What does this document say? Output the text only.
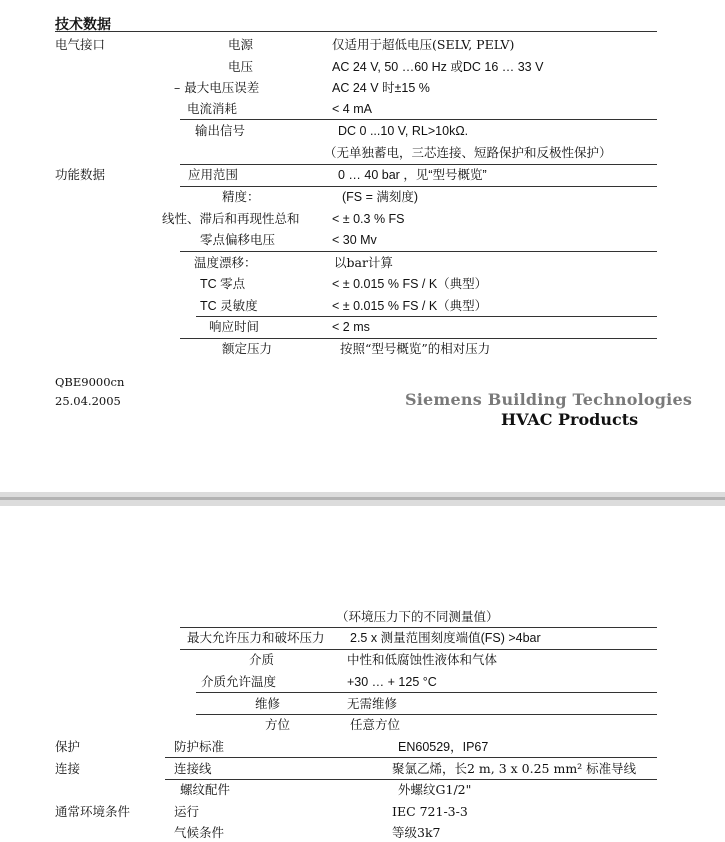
技术数据
电气接口	电源	仅适用于超低电压(SELV, PELV)
电压	AC 24 V, 50 …60 Hz 或DC 16 … 33 V
– 最大电压误差	AC 24 V 时±15 %
电流消耗	< 4 mA
输出信号	DC 0 ...10 V, RL>10kΩ.
（无单独蓄电，三芯连接、短路保护和反极性保护）
功能数据	应用范围	0 … 40 bar ，见“型号概览”
精度：	(FS = 满刻度)
线性、滞后和再现性总和	< ± 0.3 % FS
零点偏移电压	< 30 Mv
温度漂移：	以bar计算
TC 零点	< ± 0.015 % FS / K（典型）
TC 灵敏度	< ± 0.015 % FS / K（典型）
响应时间	< 2 ms
额定压力	按照“型号概览”的相对压力
QBE9000cn
25.04.2005	Siemens Building Technologies
HVAC Products
（环境压力下的不同测量值）
最大允许压力和破坏压力 2.5 x 测量范围刻度端值(FS) >4bar
介质	中性和低腐蚀性液体和气体
介质允许温度	+30 … + 125 °C
维修	无需维修
方位	任意方位
保护	防护标准	EN60529，IP67
连接	连接线	聚氯乙烯，长2 m, 3 x 0.25 mm² 标准导线
螺纹配件	外螺纹G1/2"
通常环境条件	运行	IEC 721-3-3
气候条件	等级3k7
